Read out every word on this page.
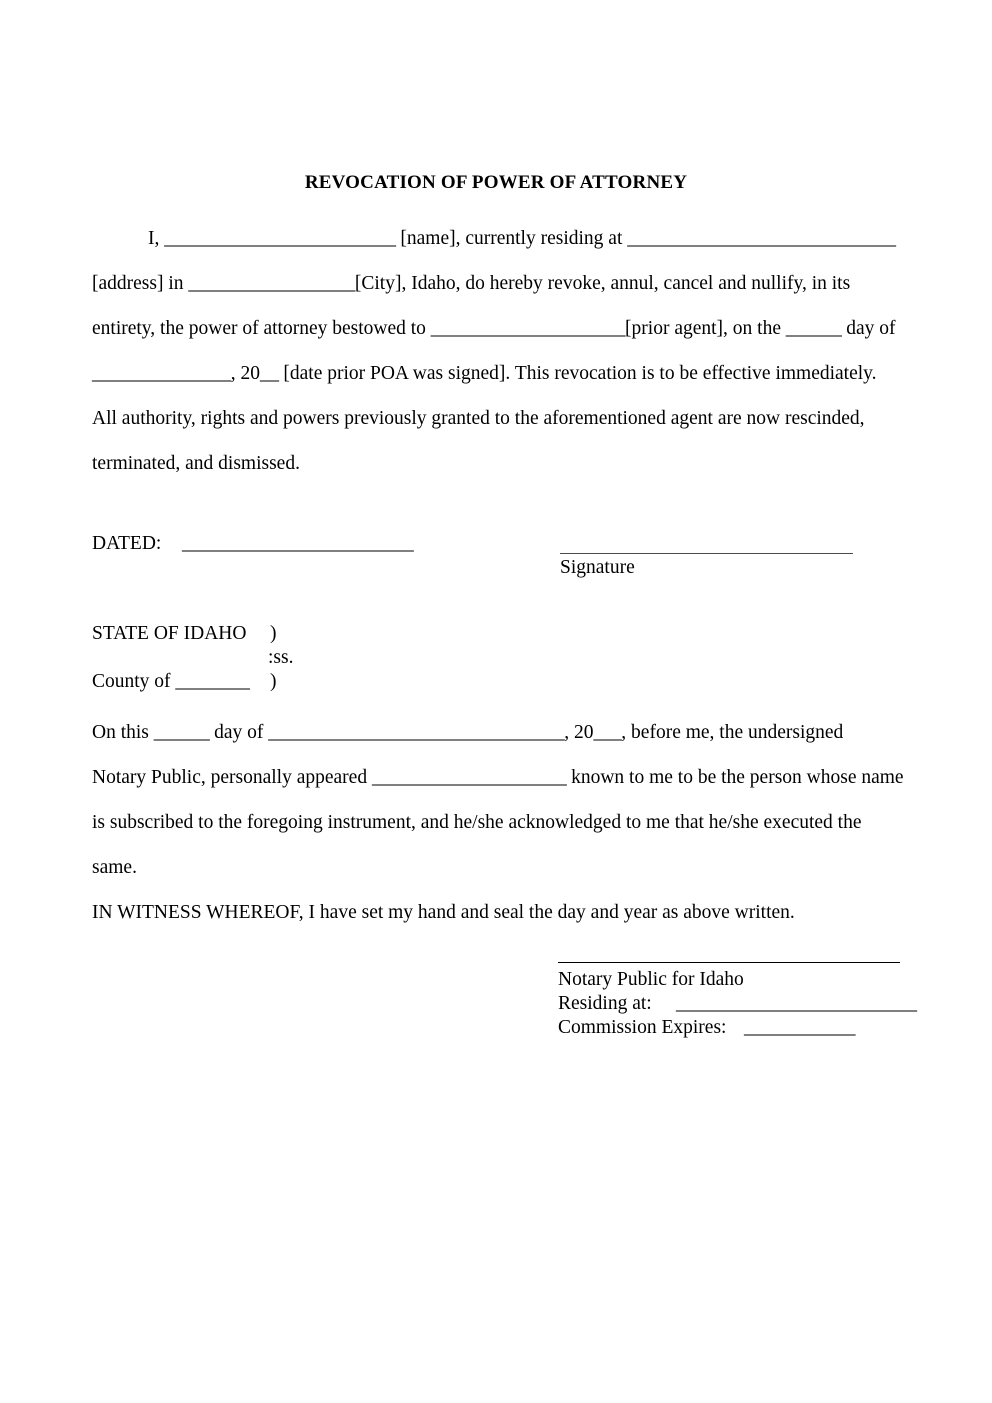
REVOCATION OF POWER OF ATTORNEY
I, _________________________ [name], currently residing at _____________________________
[address] in __________________[City], Idaho, do hereby revoke, annul, cancel and nullify, in its
entirety, the power of attorney bestowed to _____________________[prior agent], on the ______ day of
_______________, 20__ [date prior POA was signed]. This revocation is to be effective immediately.
All authority, rights and powers previously granted to the aforementioned agent are now rescinded,
terminated, and dismissed.
DATED: _________________________
Signature
STATE OF IDAHO )
:ss.
County of ________ )
On this ______ day of ________________________________, 20___, before me, the undersigned
Notary Public, personally appeared _____________________ known to me to be the person whose name
is subscribed to the foregoing instrument, and he/she acknowledged to me that he/she executed the
same.
IN WITNESS WHEREOF, I have set my hand and seal the day and year as above written.
Notary Public for Idaho
Residing at: __________________________
Commission Expires: ____________
